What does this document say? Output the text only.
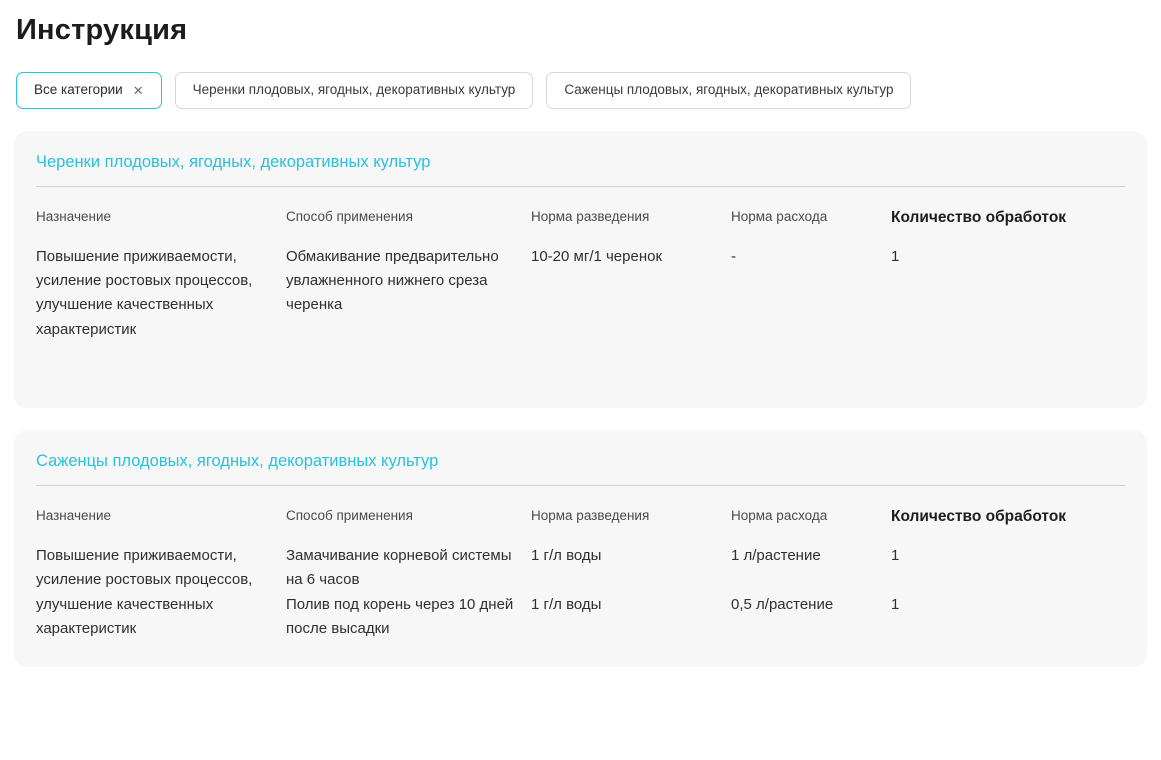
Инструкция
Все категории ✕	Черенки плодовых, ягодных, декоративных культур	Саженцы плодовых, ягодных, декоративных культур
Черенки плодовых, ягодных, декоративных культур
Назначение	Способ применения	Норма разведения	Норма расхода	Количество обработок
Повышение приживаемости, усиление ростовых процессов, улучшение качественных характеристик	Обмакивание предварительно увлажненного нижнего среза черенка	10-20 мг/1 черенок	-	1
Саженцы плодовых, ягодных, декоративных культур
Назначение	Способ применения	Норма разведения	Норма расхода	Количество обработок
Повышение приживаемости, усиление ростовых процессов, улучшение качественных характеристик	Замачивание корневой системы на 6 часов	1 г/л воды	1 л/растение	1
	Полив под корень через 10 дней после высадки	1 г/л воды	0,5 л/растение	1
